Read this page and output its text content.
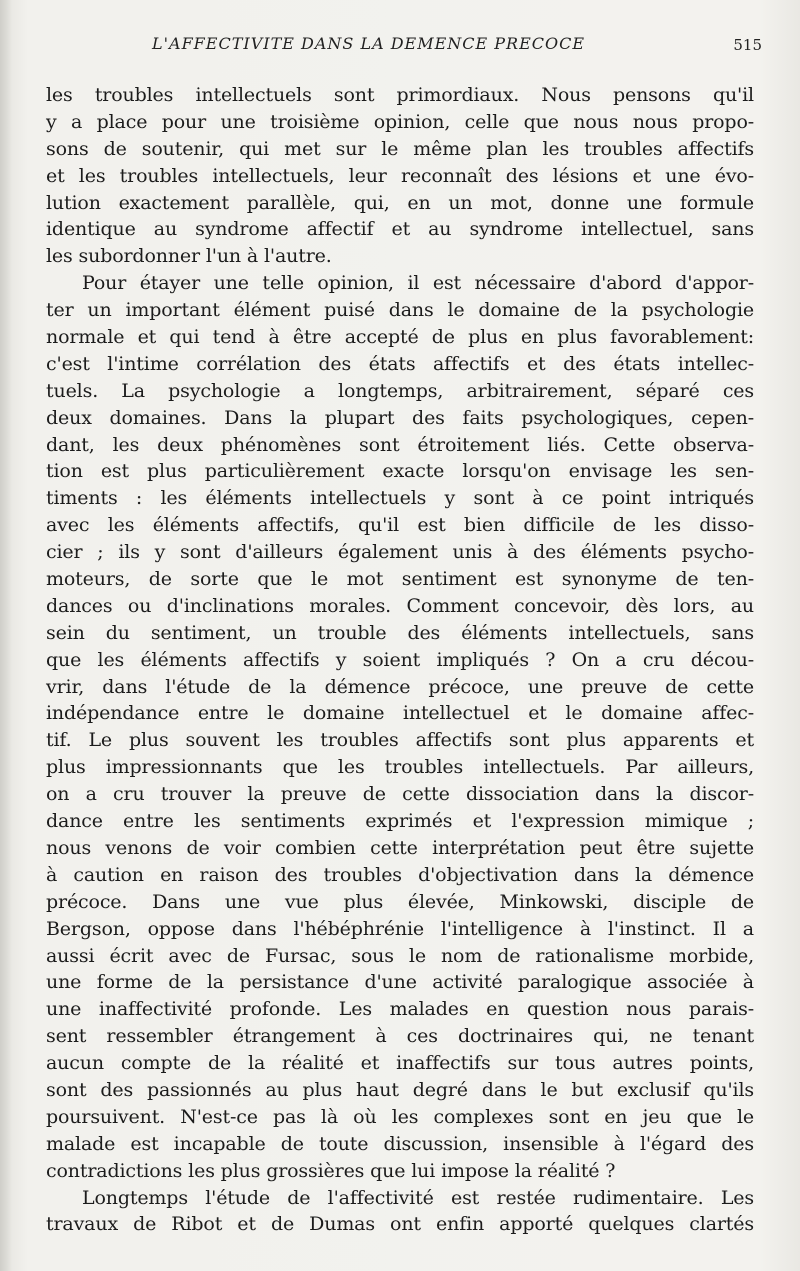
L'AFFECTIVITE DANS LA DEMENCE PRECOCE	515
les troubles intellectuels sont primordiaux. Nous pensons qu'il
y a place pour une troisième opinion, celle que nous nous propo-
sons de soutenir, qui met sur le même plan les troubles affectifs
et les troubles intellectuels, leur reconnaît des lésions et une évo-
lution exactement parallèle, qui, en un mot, donne une formule
identique au syndrome affectif et au syndrome intellectuel, sans
les subordonner l'un à l'autre.
Pour étayer une telle opinion, il est nécessaire d'abord d'appor-
ter un important élément puisé dans le domaine de la psychologie
normale et qui tend à être accepté de plus en plus favorablement:
c'est l'intime corrélation des états affectifs et des états intellec-
tuels. La psychologie a longtemps, arbitrairement, séparé ces
deux domaines. Dans la plupart des faits psychologiques, cepen-
dant, les deux phénomènes sont étroitement liés. Cette observa-
tion est plus particulièrement exacte lorsqu'on envisage les sen-
timents : les éléments intellectuels y sont à ce point intriqués
avec les éléments affectifs, qu'il est bien difficile de les disso-
cier ; ils y sont d'ailleurs également unis à des éléments psycho-
moteurs, de sorte que le mot sentiment est synonyme de ten-
dances ou d'inclinations morales. Comment concevoir, dès lors, au
sein du sentiment, un trouble des éléments intellectuels, sans
que les éléments affectifs y soient impliqués ? On a cru décou-
vrir, dans l'étude de la démence précoce, une preuve de cette
indépendance entre le domaine intellectuel et le domaine affec-
tif. Le plus souvent les troubles affectifs sont plus apparents et
plus impressionnants que les troubles intellectuels. Par ailleurs,
on a cru trouver la preuve de cette dissociation dans la discor-
dance entre les sentiments exprimés et l'expression mimique ;
nous venons de voir combien cette interprétation peut être sujette
à caution en raison des troubles d'objectivation dans la démence
précoce. Dans une vue plus élevée, Minkowski, disciple de
Bergson, oppose dans l'hébéphrénie l'intelligence à l'instinct. Il a
aussi écrit avec de Fursac, sous le nom de rationalisme morbide,
une forme de la persistance d'une activité paralogique associée à
une inaffectivité profonde. Les malades en question nous parais-
sent ressembler étrangement à ces doctrinaires qui, ne tenant
aucun compte de la réalité et inaffectifs sur tous autres points,
sont des passionnés au plus haut degré dans le but exclusif qu'ils
poursuivent. N'est-ce pas là où les complexes sont en jeu que le
malade est incapable de toute discussion, insensible à l'égard des
contradictions les plus grossières que lui impose la réalité ?
Longtemps l'étude de l'affectivité est restée rudimentaire. Les
travaux de Ribot et de Dumas ont enfin apporté quelques clartés
